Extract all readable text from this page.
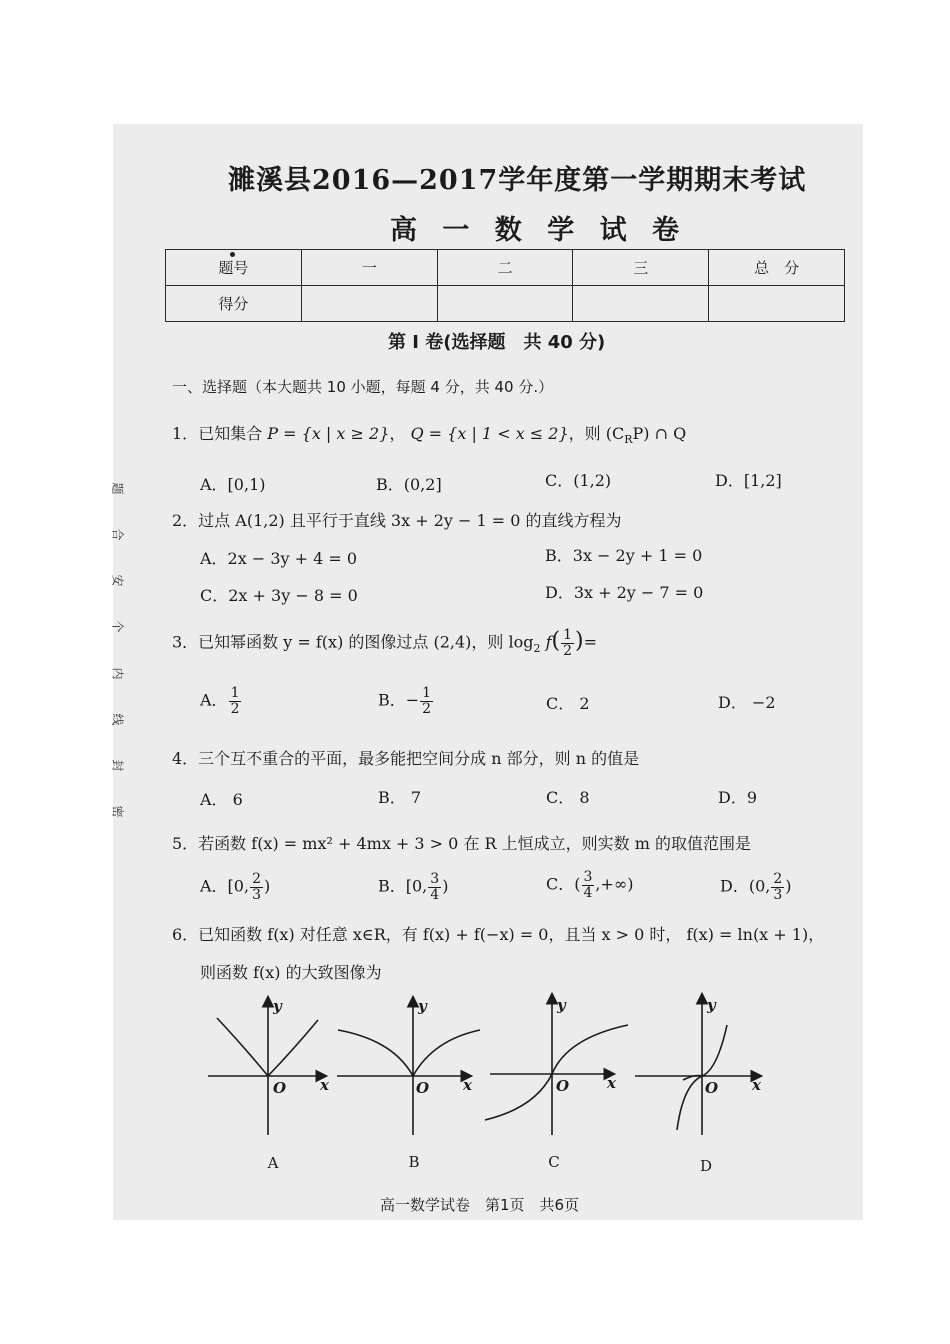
濉溪县2016—2017学年度第一学期期末考试
高 一 数 学 试 卷
题号	一	二	三	总　分
得分				
第 I 卷(选择题　共 40 分)
一、选择题（本大题共 10 小题，每题 4 分，共 40 分.）
题
合
安
个
内
线
封
密
1．已知集合 P = {x | x ≥ 2}， Q = {x | 1 < x ≤ 2}，则 $(C_RP)$ ∩ Q
A．[0,1)	B．(0,2]	C．(1,2)	D．[1,2]
2．过点 A(1,2) 且平行于直线 3x + 2y − 1 = 0 的直线方程为
A．2x − 3y + 4 = 0	B．3x − 2y + 1 = 0
C．2x + 3y − 8 = 0	D．3x + 2y − 7 = 0
3．已知幂函数 y = f(x) 的图像过点 (2,4)，则 $\log_2 f( \frac{1}{2}$ )=
A． $\frac{1}{2}$	B．− $\frac{1}{2}$	C． 2	D． −2
4．三个互不重合的平面，最多能把空间分成 n 部分，则 n 的值是
A． 6	B． 7	C． 8	D．9
5．若函数 f(x) = mx² + 4mx + 3 > 0 在 R 上恒成立，则实数 m 的取值范围是
A．[0, $\frac{2}{3}$ )	B．[0, $\frac{3}{4}$ )	C．( $\frac{3}{4}$ ,+∞)	D．(0, $\frac{2}{3}$ )
6．已知函数 f(x) 对任意 x∈R，有 f(x) + f(−x) = 0，且当 x > 0 时， f(x) = ln(x + 1)，
则函数 f(x) 的大致图像为
y
x
O
y
x
O
y
x
O
y
x
O
A	B	C	D
高一数学试卷　第1页　共6页
